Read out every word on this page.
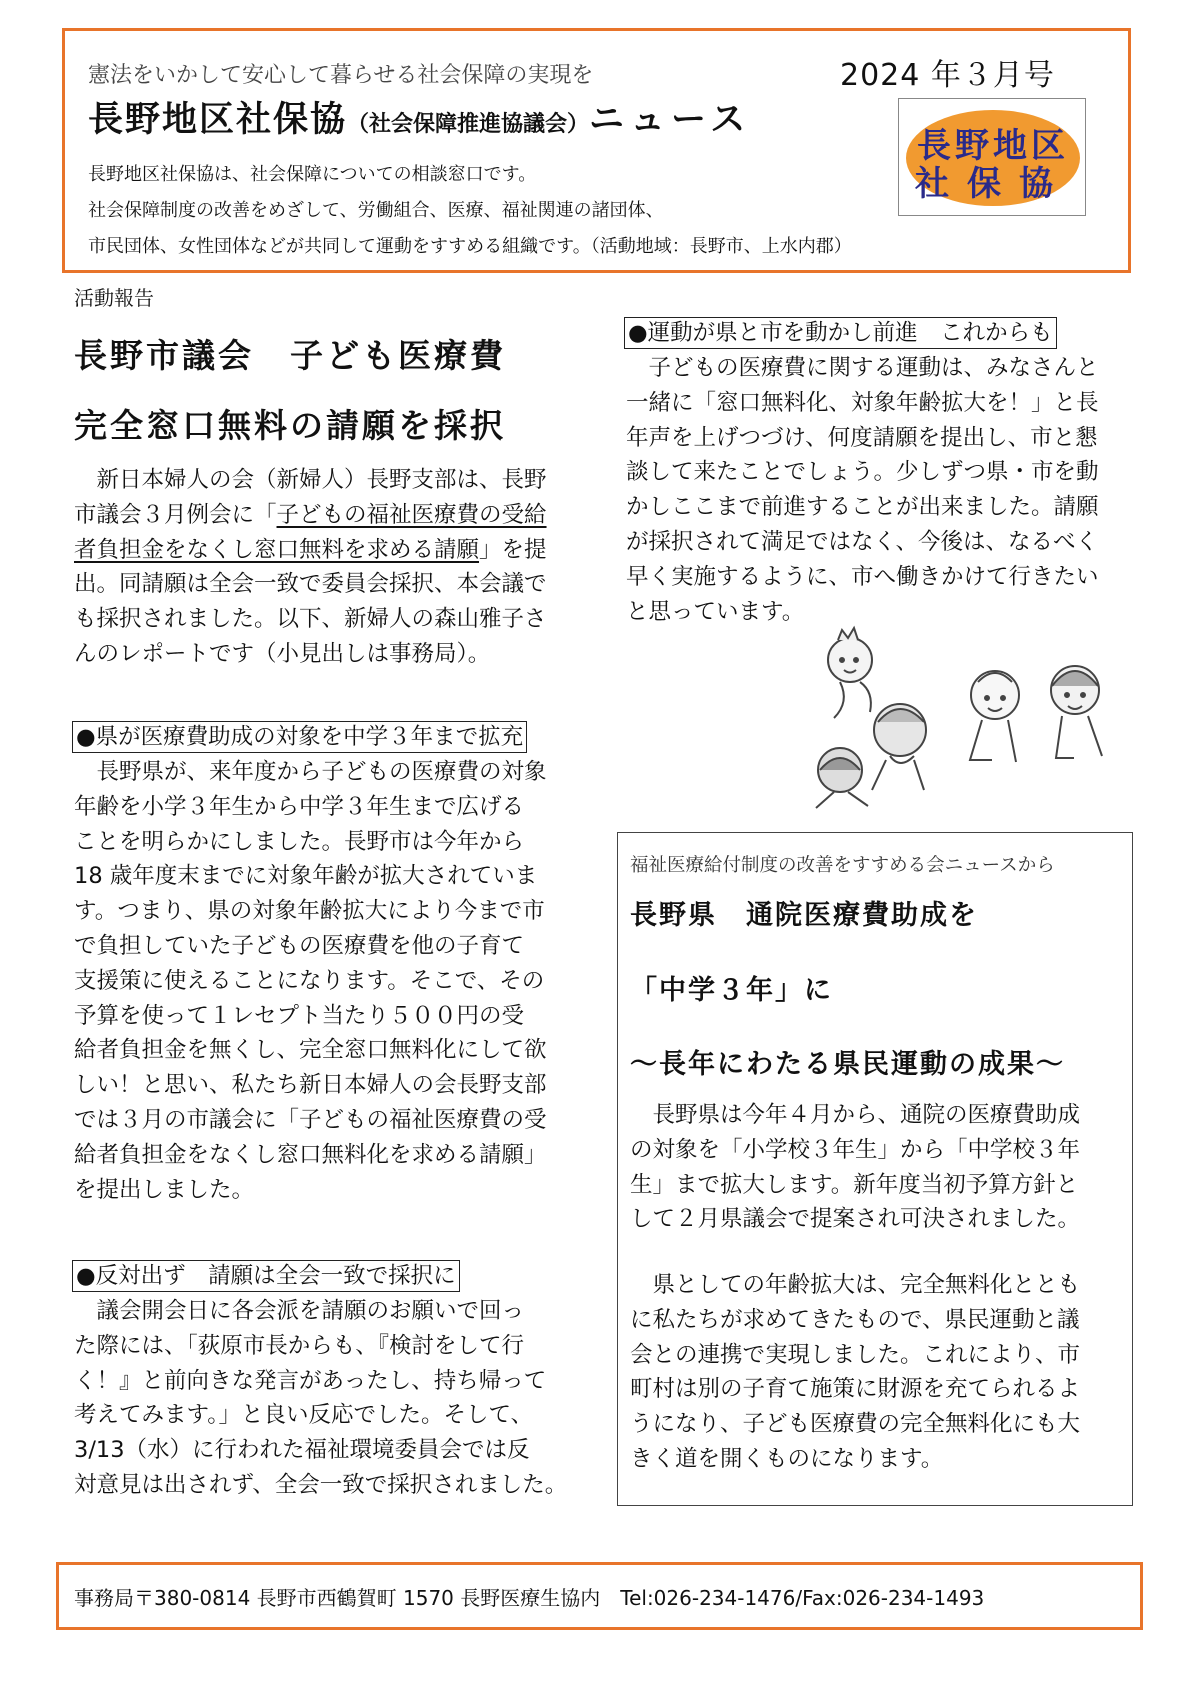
憲法をいかして安心して暮らせる社会保障の実現を	2024 年３月号
長野地区社保協（社会保障推進協議会）ニュース
長野地区社保協は、社会保障についての相談窓口です。
社会保障制度の改善をめざして、労働組合、医療、福祉関連の諸団体、
市民団体、女性団体などが共同して運動をすすめる組織です。（活動地域：長野市、上水内郡）
長野地区
社保協
活動報告
長野市議会　子ども医療費
完全窓口無料の請願を採択
　新日本婦人の会（新婦人）長野支部は、長野
市議会３月例会に「子どもの福祉医療費の受給
者負担金をなくし窓口無料を求める請願」を提
出。同請願は全会一致で委員会採択、本会議で
も採択されました。以下、新婦人の森山雅子さ
んのレポートです（小見出しは事務局）。
●県が医療費助成の対象を中学３年まで拡充
　長野県が、来年度から子どもの医療費の対象
年齢を小学３年生から中学３年生まで広げる
ことを明らかにしました。長野市は今年から
18 歳年度末までに対象年齢が拡大されていま
す。つまり、県の対象年齢拡大により今まで市
で負担していた子どもの医療費を他の子育て
支援策に使えることになります。そこで、その
予算を使って１レセプト当たり５００円の受
給者負担金を無くし、完全窓口無料化にして欲
しい！と思い、私たち新日本婦人の会長野支部
では３月の市議会に「子どもの福祉医療費の受
給者負担金をなくし窓口無料化を求める請願」
を提出しました。
●反対出ず　請願は全会一致で採択に
　議会開会日に各会派を請願のお願いで回っ
た際には、「荻原市長からも、『検討をして行
く！』と前向きな発言があったし、持ち帰って
考えてみます。」と良い反応でした。そして、
3/13（水）に行われた福祉環境委員会では反
対意見は出されず、全会一致で採択されました。
●運動が県と市を動かし前進　これからも
　子どもの医療費に関する運動は、みなさんと
一緒に「窓口無料化、対象年齢拡大を！」と長
年声を上げつづけ、何度請願を提出し、市と懇
談して来たことでしょう。少しずつ県・市を動
かしここまで前進することが出来ました。請願
が採択されて満足ではなく、今後は、なるべく
早く実施するように、市へ働きかけて行きたい
と思っています。
福祉医療給付制度の改善をすすめる会ニュースから
長野県　通院医療費助成を
「中学３年」に
～長年にわたる県民運動の成果～
　長野県は今年４月から、通院の医療費助成
の対象を「小学校３年生」から「中学校３年
生」まで拡大します。新年度当初予算方針と
して２月県議会で提案され可決されました。
　県としての年齢拡大は、完全無料化ととも
に私たちが求めてきたもので、県民運動と議
会との連携で実現しました。これにより、市
町村は別の子育て施策に財源を充てられるよ
うになり、子ども医療費の完全無料化にも大
きく道を開くものになります。
事務局〒380-0814 長野市西鶴賀町 1570 長野医療生協内　Tel:026-234-1476/Fax:026-234-1493
